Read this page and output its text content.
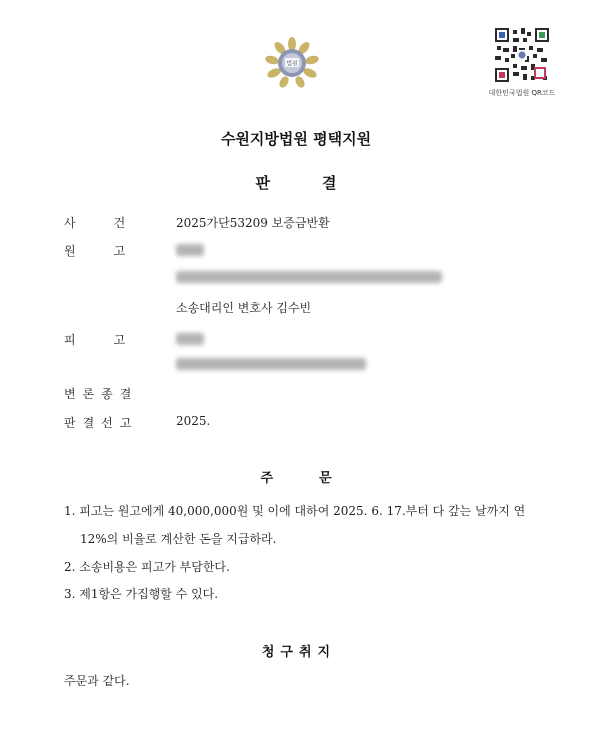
법원
대한민국법원 QR코드
수원지방법원 평택지원
판결
사건 2025가단53209 보증금반환
원고
소송대리인 변호사 김수빈
피고
변론종결
판결선고	2025.
주문
1. 피고는 원고에게 40,000,000원 및 이에 대하여 2025. 6. 17.부터 다 갚는 날까지 연
12%의 비율로 계산한 돈을 지급하라.
2. 소송비용은 피고가 부담한다.
3. 제1항은 가집행할 수 있다.
청구취지
주문과 같다.
